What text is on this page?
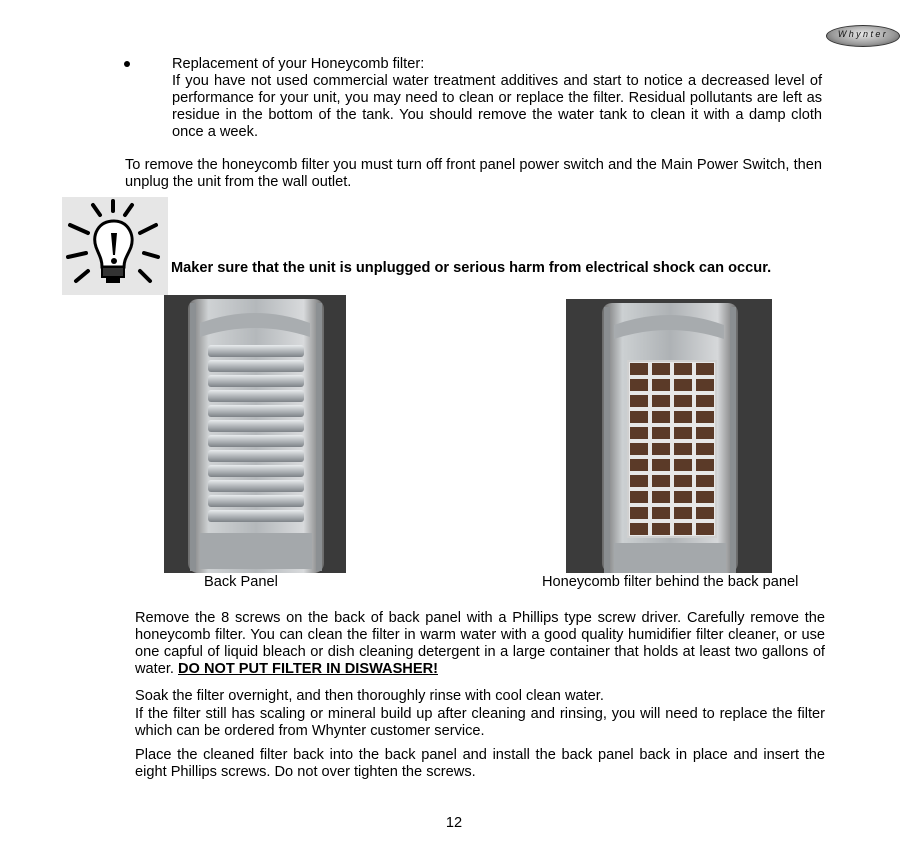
Whynter
Replacement of your Honeycomb filter:
If you have not used commercial water treatment additives and start to notice a decreased level of performance for your unit, you may need to clean or replace the filter. Residual pollutants are left as residue in the bottom of the tank. You should remove the water tank to clean it with a damp cloth once a week.
To remove the honeycomb filter you must turn off front panel power switch and the Main Power Switch, then unplug the unit from the wall outlet.
Maker sure that the unit is unplugged or serious harm from electrical shock can occur.
Back Panel	Honeycomb filter behind the back panel
Remove the 8 screws on the back of back panel with a Phillips type screw driver. Carefully remove the honeycomb filter. You can clean the filter in warm water with a good quality humidifier filter cleaner, or use one capful of liquid bleach or dish cleaning detergent in a large container that holds at least two gallons of water. DO NOT PUT FILTER IN DISWASHER!
Soak the filter overnight, and then thoroughly rinse with cool clean water.
If the filter still has scaling or mineral build up after cleaning and rinsing, you will need to replace the filter which can be ordered from Whynter customer service.
Place the cleaned filter back into the back panel and install the back panel back in place and insert the eight Phillips screws. Do not over tighten the screws.
12
